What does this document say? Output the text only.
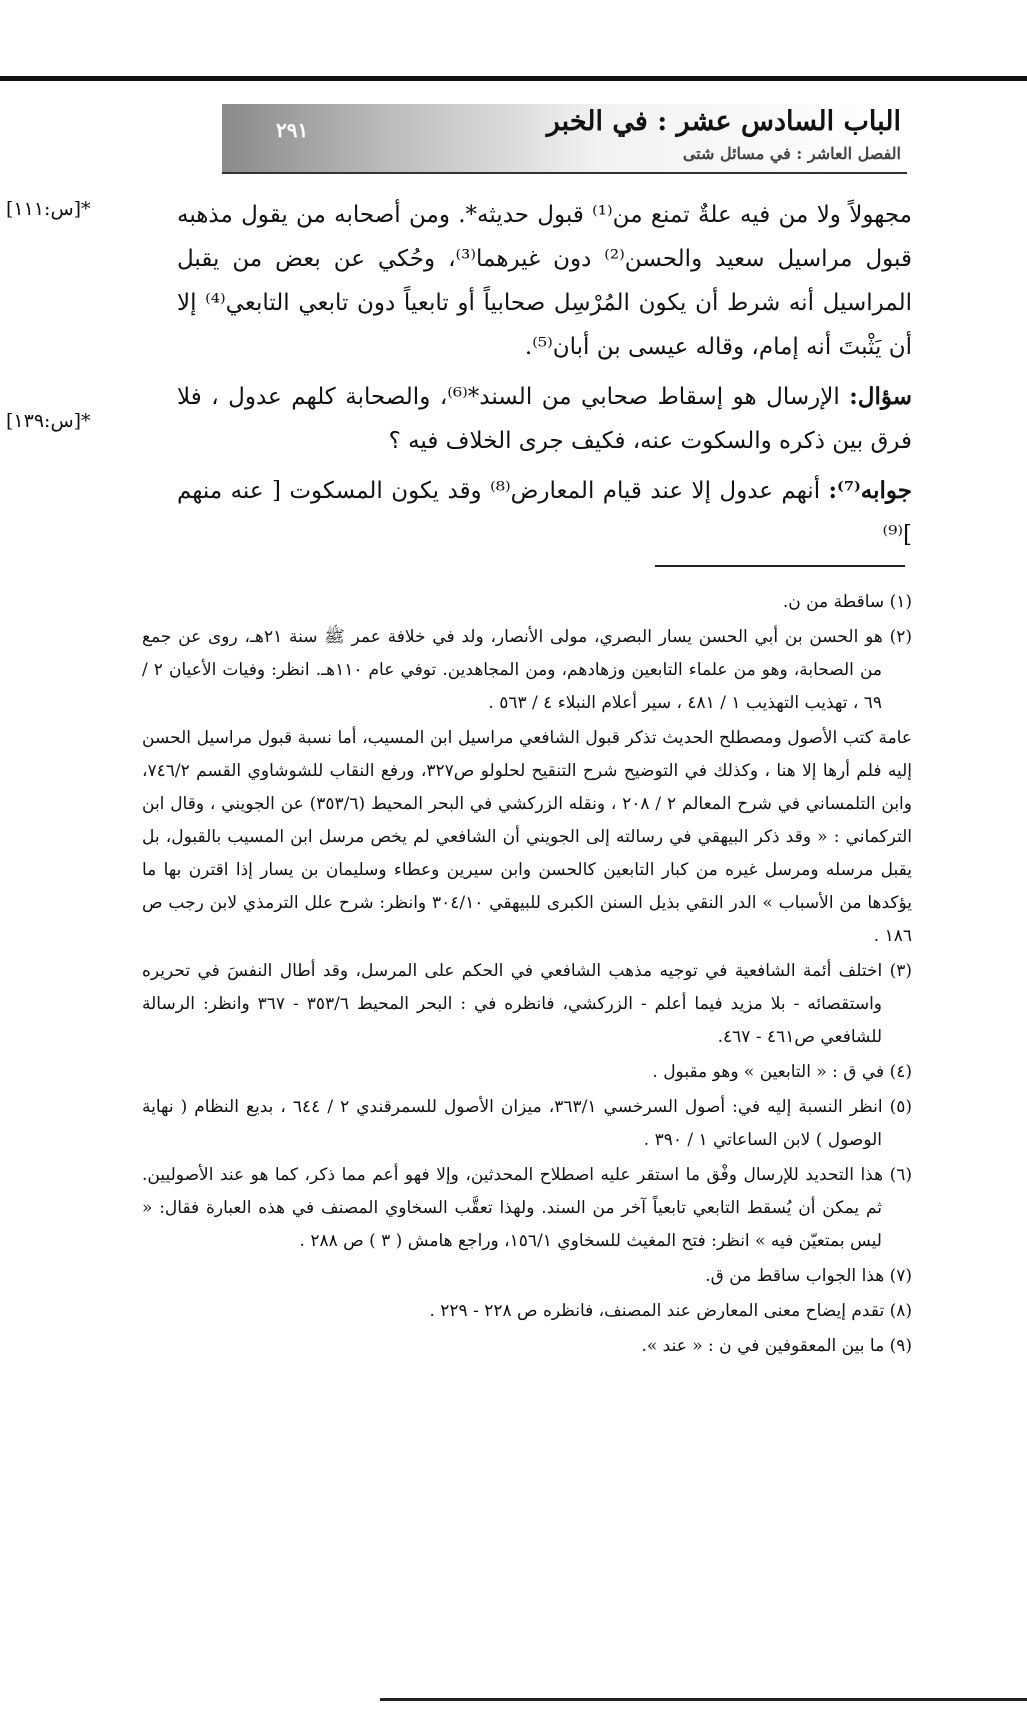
الباب السادس عشر : في الخبر
الفصل العاشر : في مسائل شتى
٢٩١
*[س:١١١]
*[س:١٣٩]

مجهولاً ولا من فيه علةٌ تمنع من⁽¹⁾ قبول حديثه*. ومن أصحابه من يقول مذهبه قبول مراسيل سعيد والحسن⁽²⁾ دون غيرهما⁽³⁾، وحُكي عن بعض من يقبل المراسيل أنه شرط أن يكون المُرْسِل صحابياً أو تابعياً دون تابعي التابعي⁽⁴⁾ إلا أن يَثْبتَ أنه إمام، وقاله عيسى بن أبان⁽⁵⁾.

سؤال: الإرسال هو إسقاط صحابي من السند*⁽⁶⁾، والصحابة كلهم عدول ، فلا فرق بين ذكره والسكوت عنه، فكيف جرى الخلاف فيه ؟

جوابه⁽⁷⁾: أنهم عدول إلا عند قيام المعارض⁽⁸⁾ وقد يكون المسكوت [ عنه منهم ]⁽⁹⁾

(١) ساقطة من ن.

(٢) هو الحسن بن أبي الحسن يسار البصري، مولى الأنصار، ولد في خلافة عمر ﷺ سنة ٢١هـ، روى عن جمع من الصحابة، وهو من علماء التابعين وزهادهم، ومن المجاهدين. توفي عام ١١٠هـ. انظر: وفيات الأعيان ٢ / ٦٩ ، تهذيب التهذيب ١ / ٤٨١ ، سير أعلام النبلاء ٤ / ٥٦٣ .

عامة كتب الأصول ومصطلح الحديث تذكر قبول الشافعي مراسيل ابن المسيب، أما نسبة قبول مراسيل الحسن إليه فلم أرها إلا هنا ، وكذلك في التوضيح شرح التنقيح لحلولو ص٣٢٧، ورفع النقاب للشوشاوي القسم ٧٤٦/٢، وابن التلمساني في شرح المعالم ٢ / ٢٠٨ ، ونقله الزركشي في البحر المحيط (٣٥٣/٦) عن الجويني ، وقال ابن التركماني : « وقد ذكر البيهقي في رسالته إلى الجويني أن الشافعي لم يخص مرسل ابن المسيب بالقبول، بل يقبل مرسله ومرسل غيره من كبار التابعين كالحسن وابن سيرين وعطاء وسليمان بن يسار إذا اقترن بها ما يؤكدها من الأسباب » الدر النقي بذيل السنن الكبرى للبيهقي ٣٠٤/١٠ وانظر: شرح علل الترمذي لابن رجب ص ١٨٦ .

(٣) اختلف أئمة الشافعية في توجيه مذهب الشافعي في الحكم على المرسل، وقد أطال النفسَ في تحريره واستقصائه - بلا مزيد فيما أعلم - الزركشي، فانظره في : البحر المحيط ٣٥٣/٦ - ٣٦٧ وانظر: الرسالة للشافعي ص٤٦١ - ٤٦٧.

(٤) في ق : « التابعين » وهو مقبول .

(٥) انظر النسبة إليه في: أصول السرخسي ٣٦٣/١، ميزان الأصول للسمرقندي ٢ / ٦٤٤ ، بديع النظام ( نهاية الوصول ) لابن الساعاتي ١ / ٣٩٠ .

(٦) هذا التحديد للإرسال وفْق ما استقر عليه اصطلاح المحدثين، وإلا فهو أعم مما ذكر، كما هو عند الأصوليين. ثم يمكن أن يُسقط التابعي تابعياً آخر من السند. ولهذا تعقَّب السخاوي المصنف في هذه العبارة فقال: « ليس بمتعيّن فيه » انظر: فتح المغيث للسخاوي ١٥٦/١، وراجع هامش ( ٣ ) ص ٢٨٨ .

(٧) هذا الجواب ساقط من ق.

(٨) تقدم إيضاح معنى المعارض عند المصنف، فانظره ص ٢٢٨ - ٢٢٩ .

(٩) ما بين المعقوفين في ن : « عند ».
